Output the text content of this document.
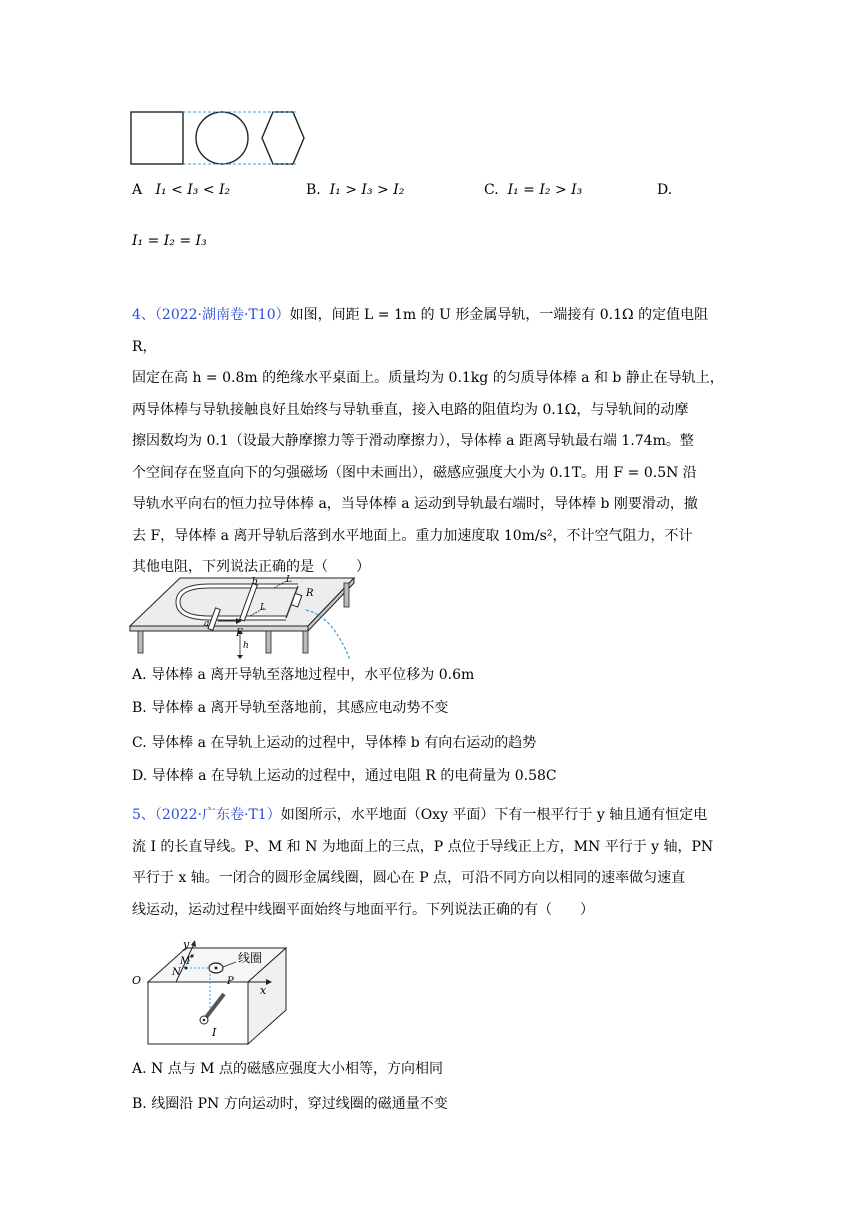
A I₁ < I₃ < I₂	B. I₁ > I₃ > I₂	C. I₁ = I₂ > I₃	D.
I₁ = I₂ = I₃
4、（2022·湖南卷·T10）如图，间距 L = 1m 的 U 形金属导轨，一端接有 0.1Ω 的定值电阻 R，
固定在高 h = 0.8m 的绝缘水平桌面上。质量均为 0.1kg 的匀质导体棒 a 和 b 静止在导轨上，
两导体棒与导轨接触良好且始终与导轨垂直，接入电路的阻值均为 0.1Ω，与导轨间的动摩
擦因数均为 0.1（设最大静摩擦力等于滑动摩擦力），导体棒 a 距离导轨最右端 1.74m。整
个空间存在竖直向下的匀强磁场（图中未画出），磁感应强度大小为 0.1T。用 F = 0.5N 沿
导轨水平向右的恒力拉导体棒 a，当导体棒 a 运动到导轨最右端时，导体棒 b 刚要滑动，撤
去 F，导体棒 a 离开导轨后落到水平地面上。重力加速度取 10m/s²，不计空气阻力，不计
其他电阻，下列说法正确的是（　　）
b
a
F
L
L
R
h
A. 导体棒 a 离开导轨至落地过程中，水平位移为 0.6m
B. 导体棒 a 离开导轨至落地前，其感应电动势不变
C. 导体棒 a 在导轨上运动的过程中，导体棒 b 有向右运动的趋势
D. 导体棒 a 在导轨上运动的过程中，通过电阻 R 的电荷量为 0.58C
5、（2022·广东卷·T1）如图所示，水平地面（Oxy 平面）下有一根平行于 y 轴且通有恒定电
流 I 的长直导线。P、M 和 N 为地面上的三点，P 点位于导线正上方，MN 平行于 y 轴，PN
平行于 x 轴。一闭合的圆形金属线圈，圆心在 P 点，可沿不同方向以相同的速率做匀速直
线运动，运动过程中线圈平面始终与地面平行。下列说法正确的有（　　）
y
M
N
线圈
P
O
x
I
A. N 点与 M 点的磁感应强度大小相等，方向相同
B. 线圈沿 PN 方向运动时，穿过线圈的磁通量不变
